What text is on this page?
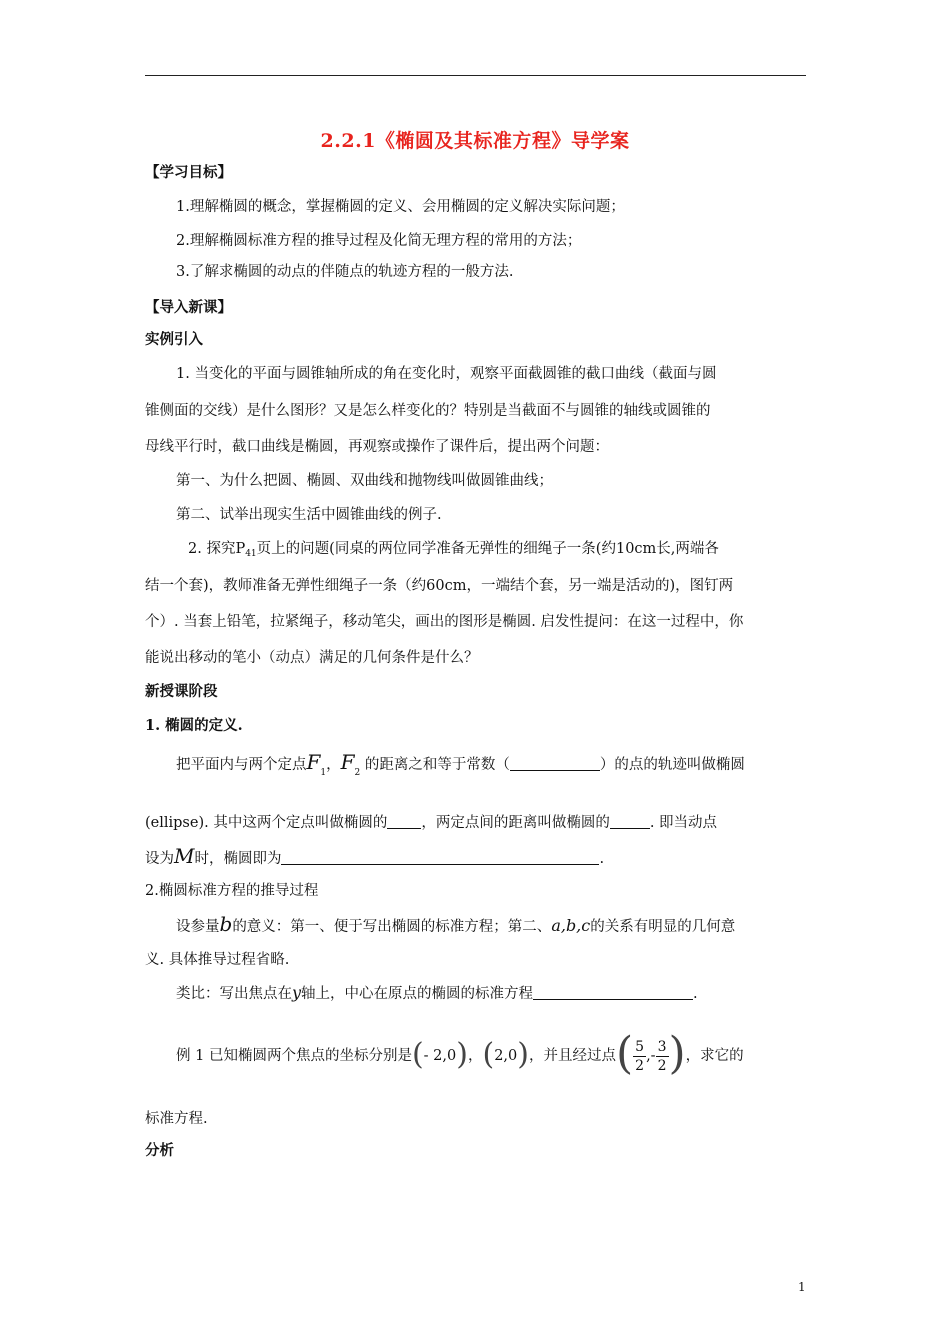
2.2.1《椭圆及其标准方程》导学案
【学习目标】
1.理解椭圆的概念，掌握椭圆的定义、会用椭圆的定义解决实际问题；
2.理解椭圆标准方程的推导过程及化简无理方程的常用的方法；
3.了解求椭圆的动点的伴随点的轨迹方程的一般方法.
【导入新课】
实例引入
1. 当变化的平面与圆锥轴所成的角在变化时，观察平面截圆锥的截口曲线（截面与圆
锥侧面的交线）是什么图形？又是怎么样变化的？特别是当截面不与圆锥的轴线或圆锥的
母线平行时，截口曲线是椭圆，再观察或操作了课件后，提出两个问题：
第一、为什么把圆、椭圆、双曲线和抛物线叫做圆锥曲线；
第二、试举出现实生活中圆锥曲线的例子.
2. 探究$P_{41}$页上的问题(同桌的两位同学准备无弹性的细绳子一条(约10cm长,两端各
结一个套)，教师准备无弹性细绳子一条（约60cm，一端结个套，另一端是活动的)，图钉两
个）. 当套上铅笔，拉紧绳子，移动笔尖，画出的图形是椭圆. 启发性提问：在这一过程中，你
能说出移动的笔小（动点）满足的几何条件是什么？
新授课阶段
1. 椭圆的定义.
把平面内与两个定点$F_1$，$F_2$ 的距离之和等于常数（	）的点的轨迹叫做椭圆
(ellipse). 其中这两个定点叫做椭圆的 ，两定点间的距离叫做椭圆的	. 即当动点
设为M时，椭圆即为	.
2.椭圆标准方程的推导过程
设参量b的意义：第一、便于写出椭圆的标准方程；第二、a,b,c的关系有明显的几何意
义. 具体推导过程省略.
类比：写出焦点在y轴上，中心在原点的椭圆的标准方程	.
例 1 已知椭圆两个焦点的坐标分别是(- 2,0)，(2,0)，并且经过点( $\frac{5}{2}$ ,- $\frac{3}{2}$ )，求它的
标准方程.
分析
1
